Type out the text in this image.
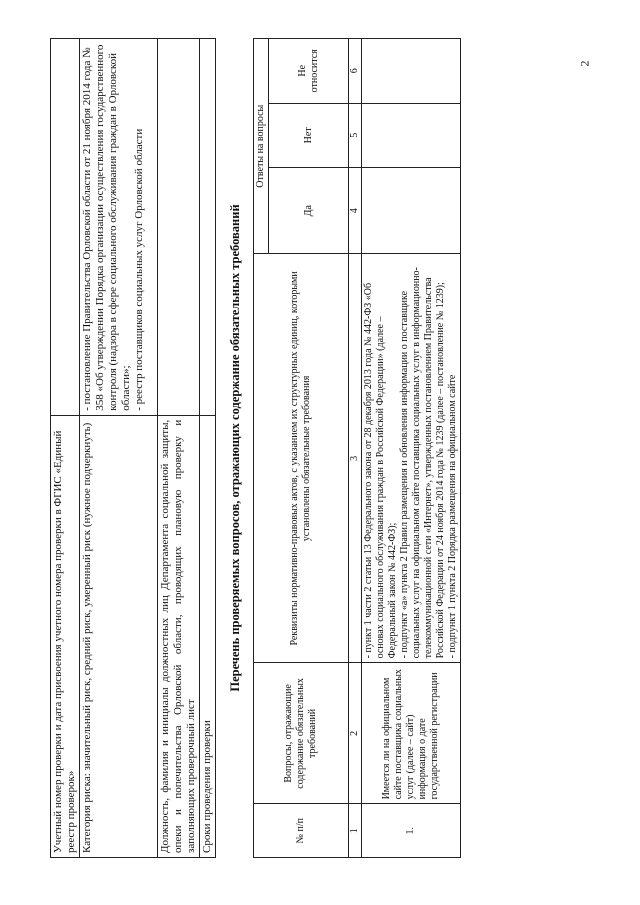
2
Учетный номер проверки и дата присвоения учетного номера проверки в ФГИС «Единый реестр проверок»	
Категория риска: значительный риск, средний риск, умеренный риск (нужное подчеркнуть)	- постановление Правительства Орловской области от 21 ноября 2014 года № 358 «Об утверждении Порядка организации осуществления государственного контроля (надзора в сфере социального обслуживания граждан в Орловской области»;
- реестр поставщиков социальных услуг Орловской области
Должность, фамилия и инициалы должностных лиц Департамента социальной защиты, опеки и попечительства Орловской области, проводящих плановую проверку и заполняющих проверочный лист	
Сроки проведения проверки	
Перечень проверяемых вопросов, отражающих содержание обязательных требований
№ п/п	Вопросы, отражающие содержание обязательных требований	Реквизиты нормативно-правовых актов, с указанием их структурных единиц, которыми установлены обязательные требования	Ответы на вопросы		
			Да	Нет	Не относится
1	2	3	4	5	6
1.	Имеется ли на официальном сайте поставщика социальных услуг (далее – сайт) информация о дате государственной регистрации	- пункт 1 части 2 статьи 13 Федерального закона от 28 декабря 2013 года № 442-ФЗ «Об основах социального обслуживания граждан в Российской Федерации» (далее – Федеральный закон № 442-ФЗ); - подпункт «а» пункта 2 Правил размещения и обновления информации о поставщике социальных услуг на официальном сайте поставщика социальных услуг в информационно-телекоммуникационной сети «Интернет», утвержденных постановлением Правительства Российской Федерации от 24 ноября 2014 года № 1239 (далее – постановление № 1239); - подпункт 1 пункта 2 Порядка размещения на официальном сайте			
